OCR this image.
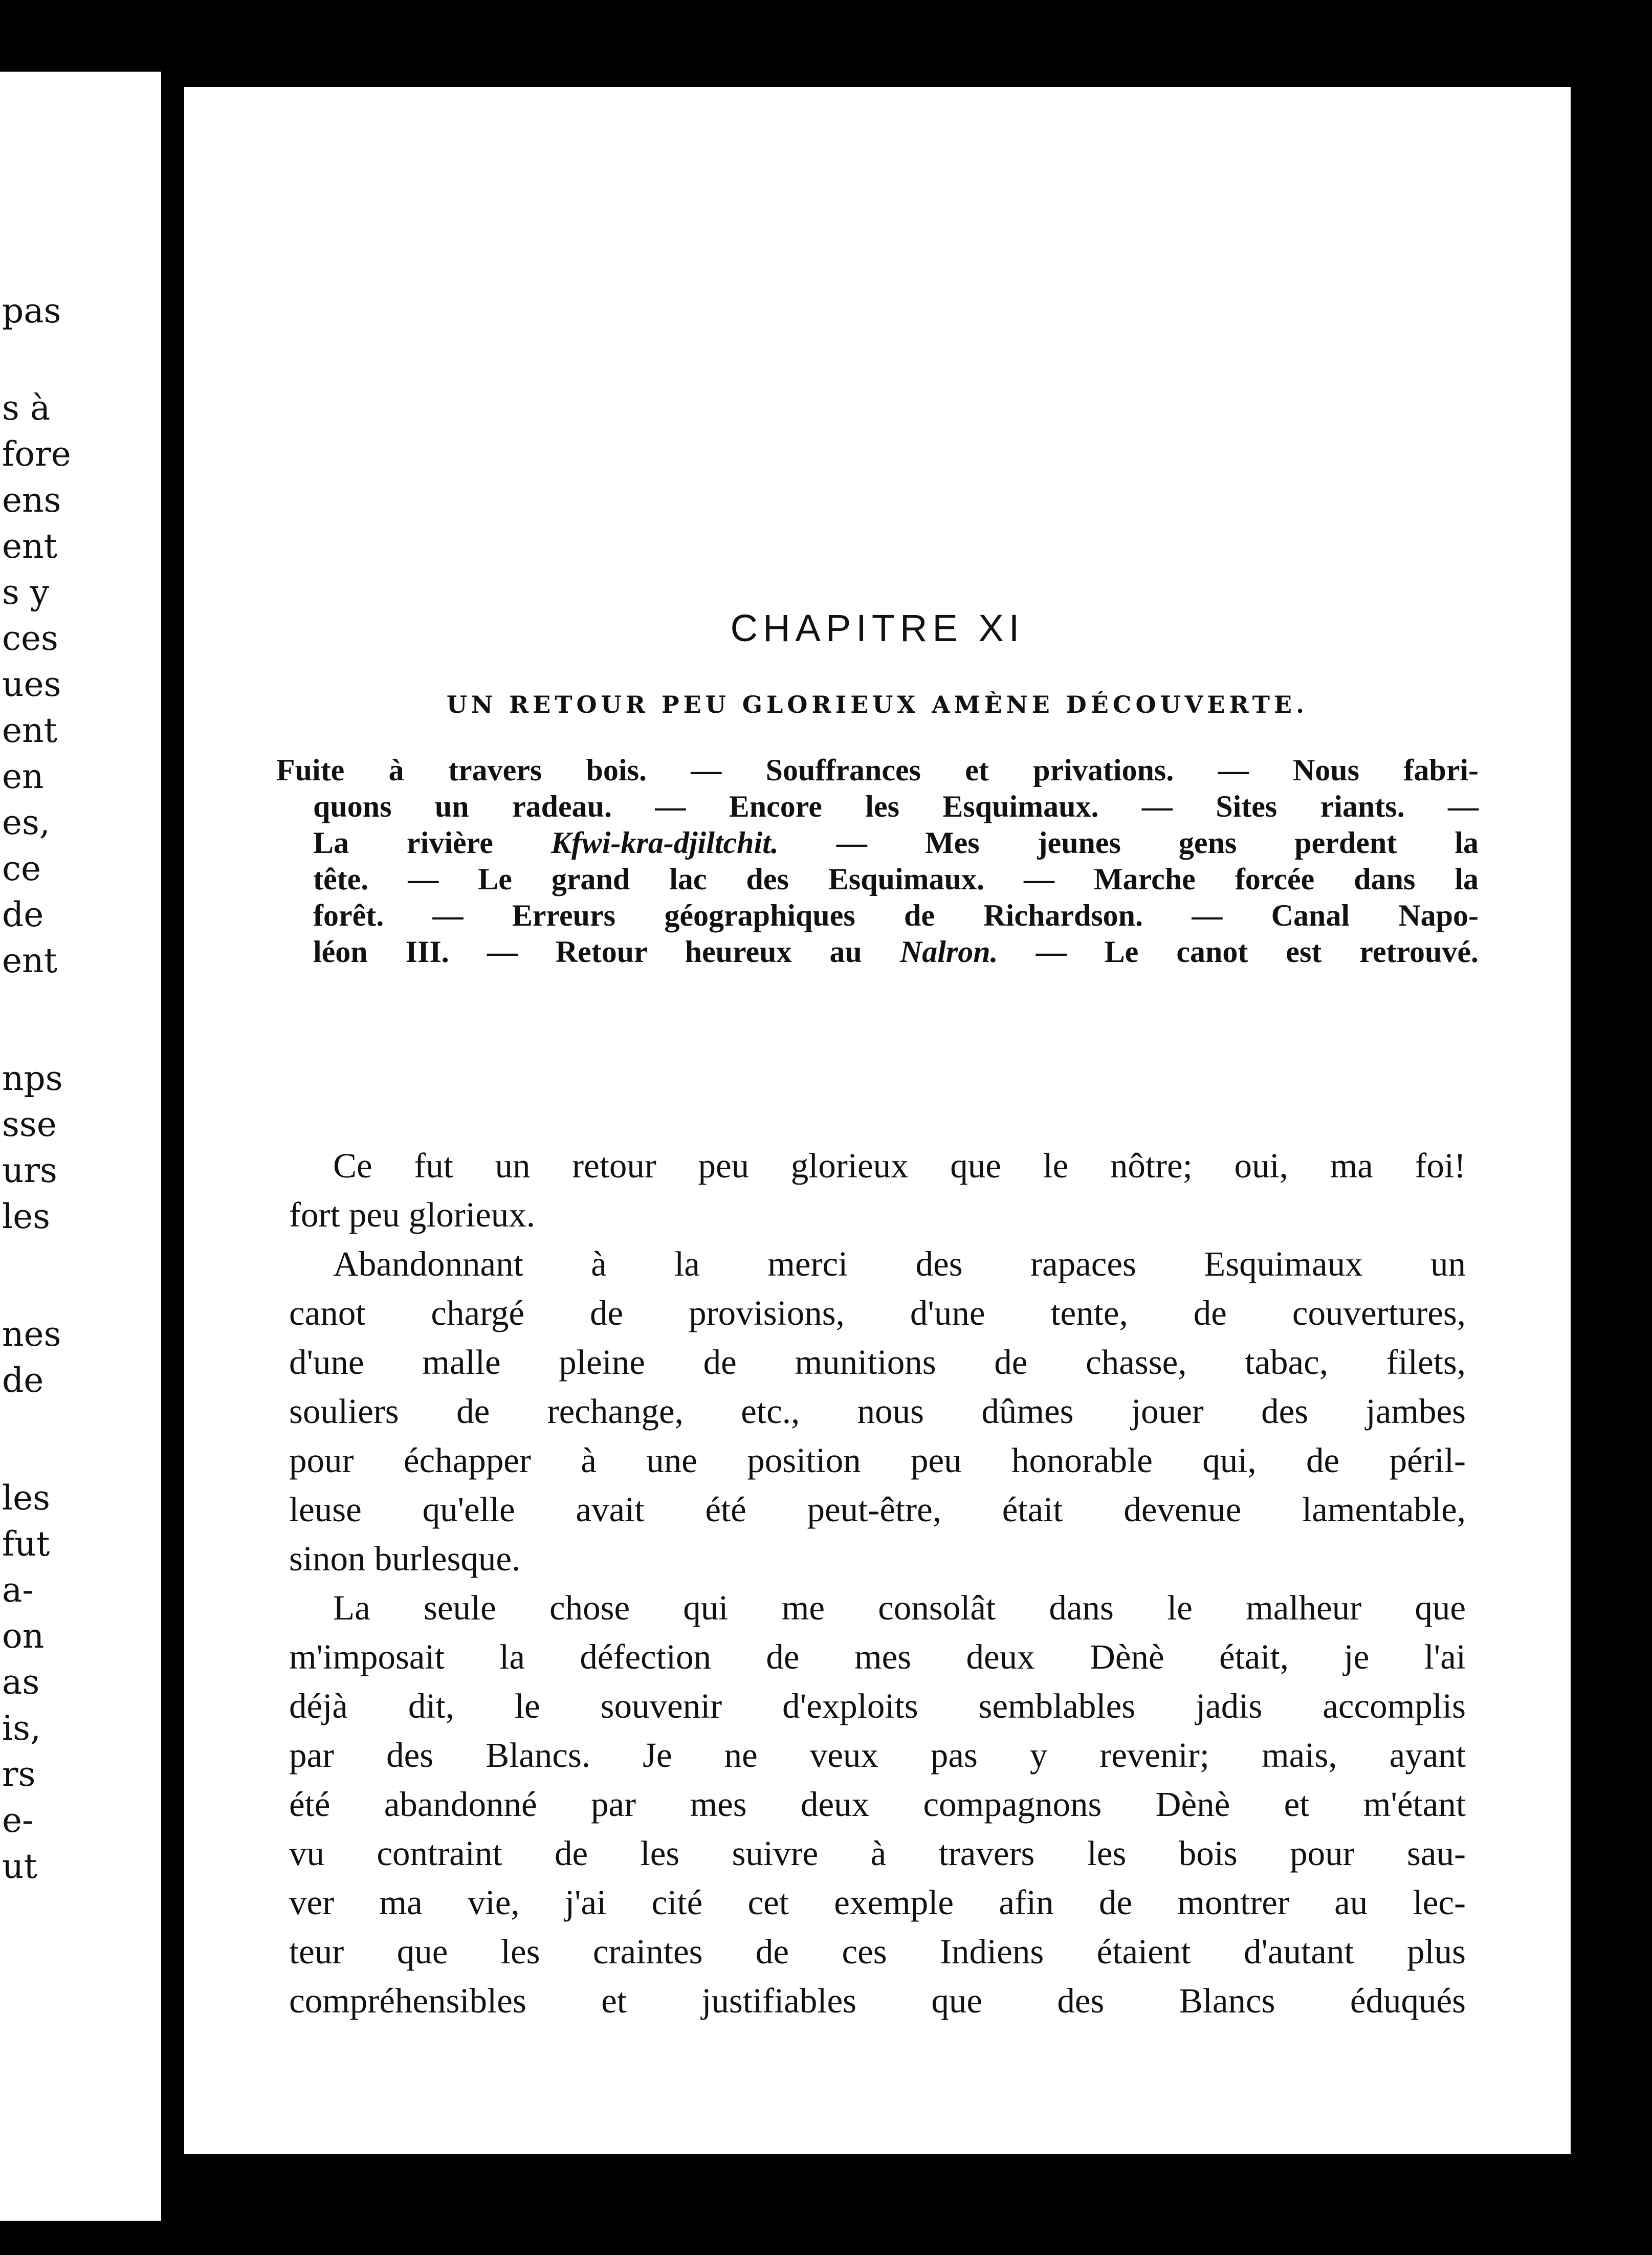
pas
s à
fore
ens
ent
s y
ces
ues
ent
en
es,
ce
de
ent
nps
sse
urs
les
nes
de
les
fut
a-
on
as
is,
rs
e-
ut
CHAPITRE XI
UN RETOUR PEU GLORIEUX AMÈNE DÉCOUVERTE.
Fuite à travers bois. — Souffrances et privations. — Nous fabri-
quons un radeau. — Encore les Esquimaux. — Sites riants. —
La rivière Kfwi-kra-djiltchit. — Mes jeunes gens perdent la
tête. — Le grand lac des Esquimaux. — Marche forcée dans la
forêt. — Erreurs géographiques de Richardson. — Canal Napo-
léon III. — Retour heureux au Nalron. — Le canot est retrouvé.
Ce fut un retour peu glorieux que le nôtre; oui, ma foi!
fort peu glorieux.
Abandonnant à la merci des rapaces Esquimaux un
canot chargé de provisions, d'une tente, de couvertures,
d'une malle pleine de munitions de chasse, tabac, filets,
souliers de rechange, etc., nous dûmes jouer des jambes
pour échapper à une position peu honorable qui, de péril-
leuse qu'elle avait été peut-être, était devenue lamentable,
sinon burlesque.
La seule chose qui me consolât dans le malheur que
m'imposait la défection de mes deux Dènè était, je l'ai
déjà dit, le souvenir d'exploits semblables jadis accomplis
par des Blancs. Je ne veux pas y revenir; mais, ayant
été abandonné par mes deux compagnons Dènè et m'étant
vu contraint de les suivre à travers les bois pour sau-
ver ma vie, j'ai cité cet exemple afin de montrer au lec-
teur que les craintes de ces Indiens étaient d'autant plus
compréhensibles et justifiables que des Blancs éduqués
